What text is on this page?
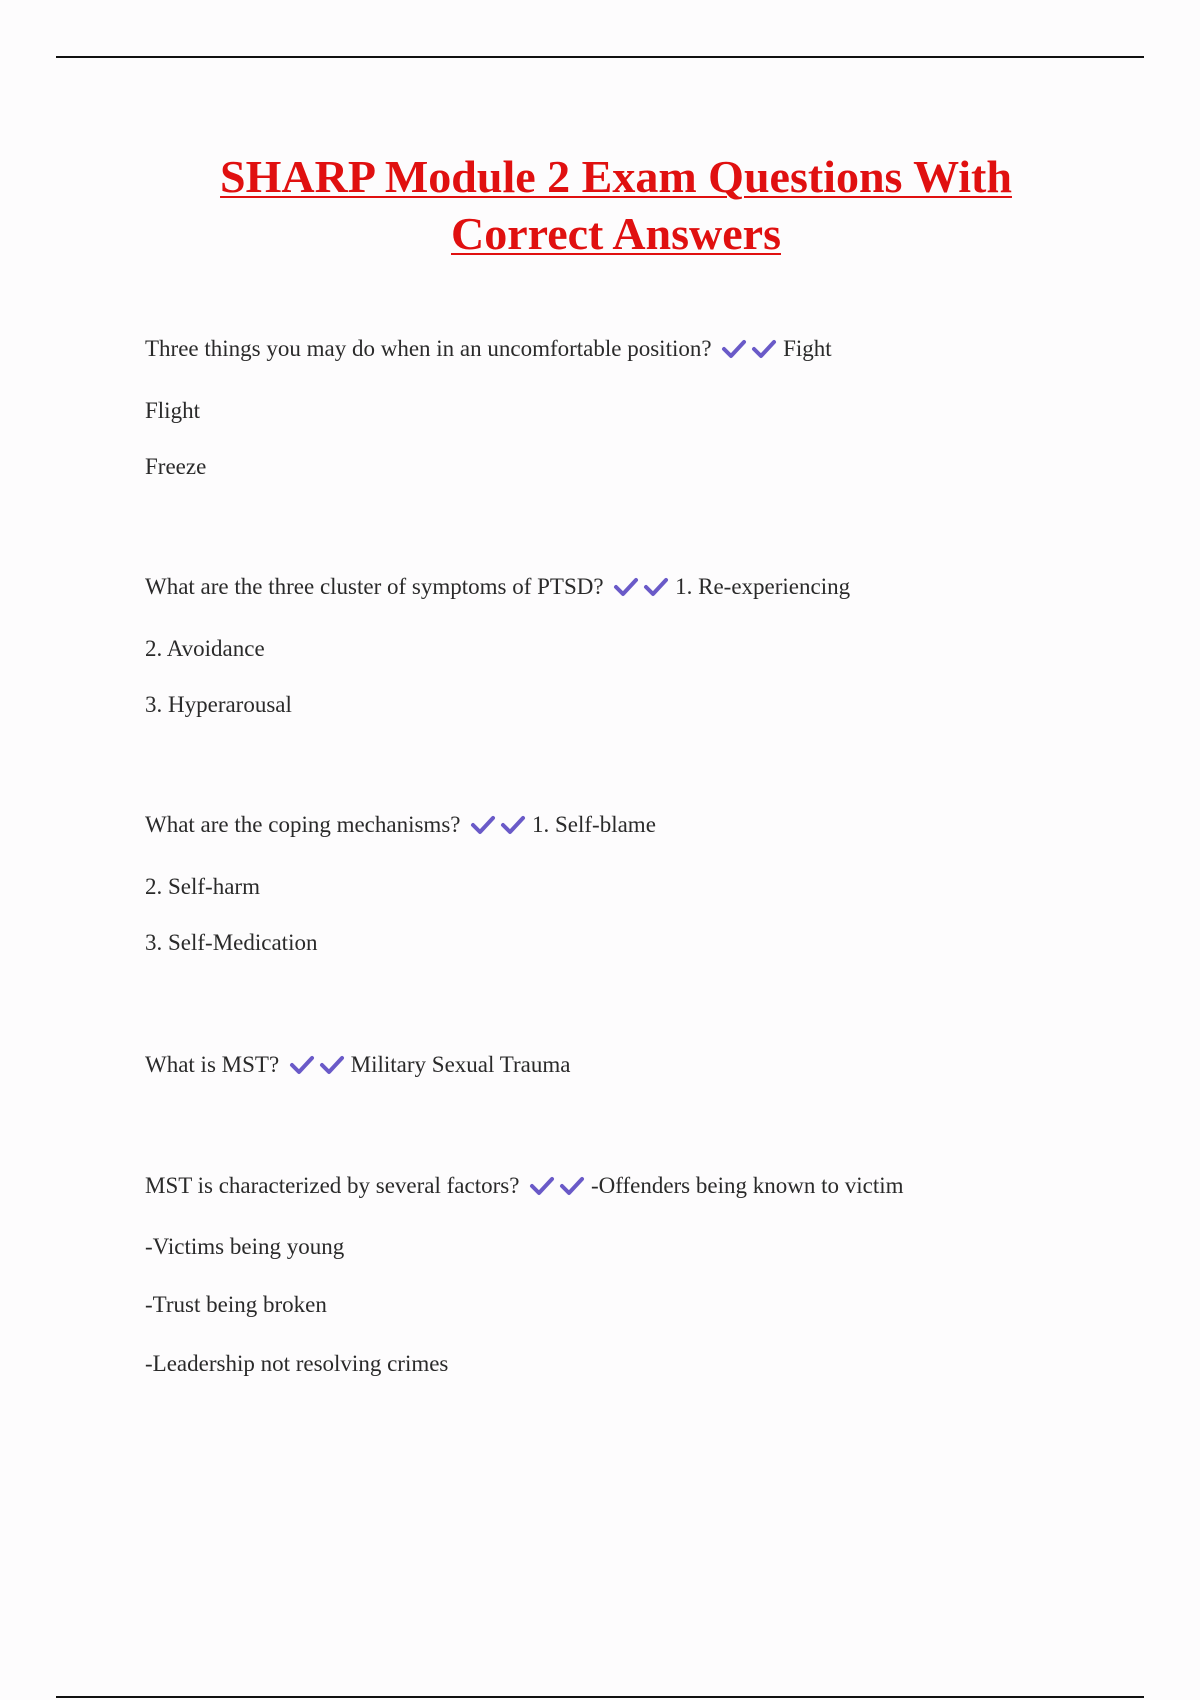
SHARP Module 2 Exam Questions With
Correct Answers
Three things you may do when in an uncomfortable position?	Fight
Flight
Freeze
What are the three cluster of symptoms of PTSD?	1. Re-experiencing
2. Avoidance
3. Hyperarousal
What are the coping mechanisms?	1. Self-blame
2. Self-harm
3. Self-Medication
What is MST?	Military Sexual Trauma
MST is characterized by several factors?	-Offenders being known to victim
-Victims being young
-Trust being broken
-Leadership not resolving crimes
